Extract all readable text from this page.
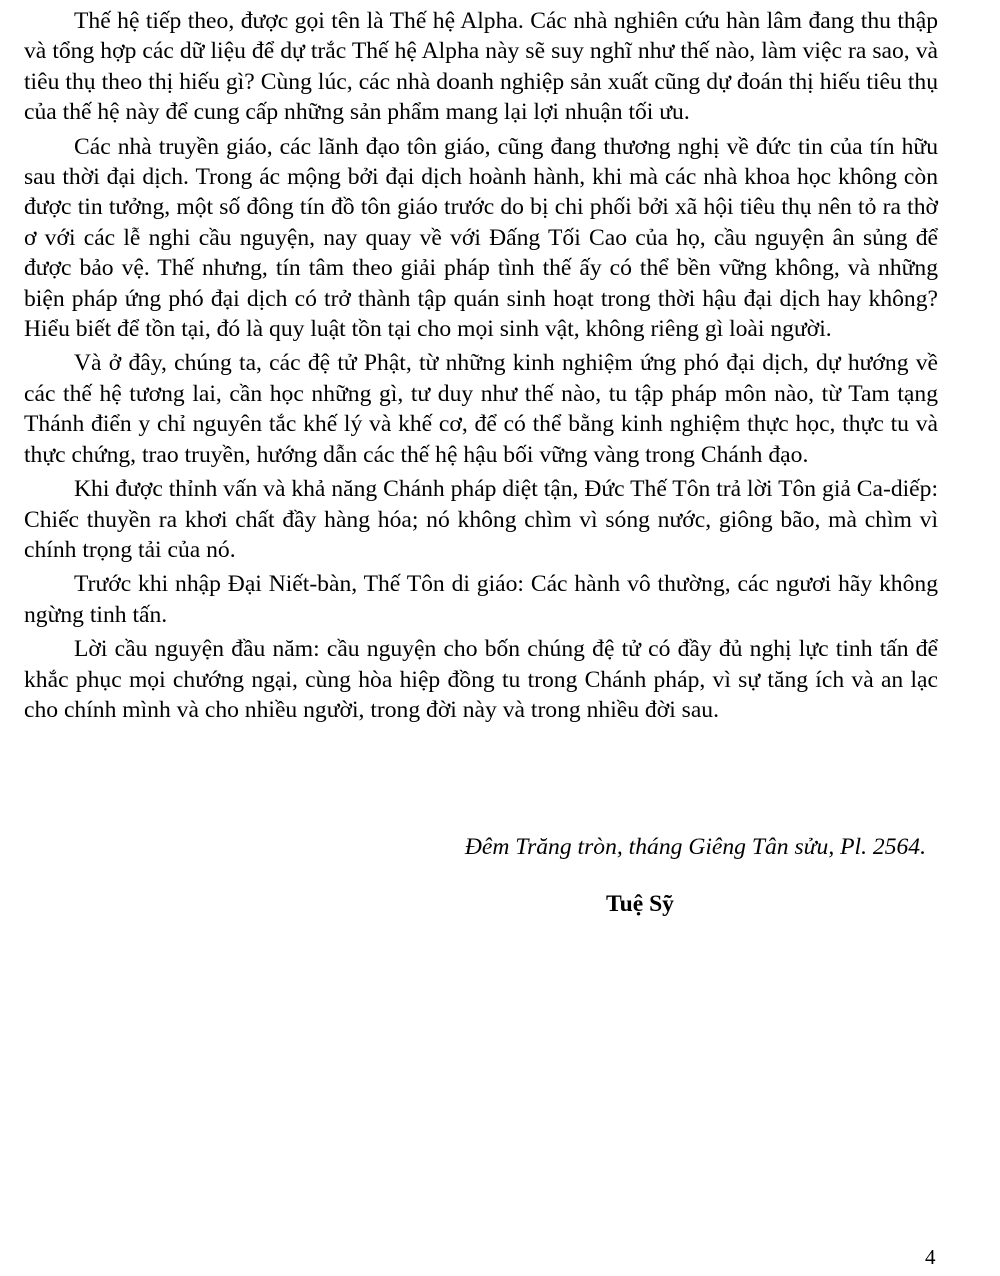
Thế hệ tiếp theo, được gọi tên là Thế hệ Alpha. Các nhà nghiên cứu hàn lâm đang thu thập và tổng hợp các dữ liệu để dự trắc Thế hệ Alpha này sẽ suy nghĩ như thế nào, làm việc ra sao, và tiêu thụ theo thị hiếu gì? Cùng lúc, các nhà doanh nghiệp sản xuất cũng dự đoán thị hiếu tiêu thụ của thế hệ này để cung cấp những sản phẩm mang lại lợi nhuận tối ưu.

Các nhà truyền giáo, các lãnh đạo tôn giáo, cũng đang thương nghị về đức tin của tín hữu sau thời đại dịch. Trong ác mộng bởi đại dịch hoành hành, khi mà các nhà khoa học không còn được tin tưởng, một số đông tín đồ tôn giáo trước do bị chi phối bởi xã hội tiêu thụ nên tỏ ra thờ ơ với các lễ nghi cầu nguyện, nay quay về với Đấng Tối Cao của họ, cầu nguyện ân sủng để được bảo vệ. Thế nhưng, tín tâm theo giải pháp tình thế ấy có thể bền vững không, và những biện pháp ứng phó đại dịch có trở thành tập quán sinh hoạt trong thời hậu đại dịch hay không? Hiểu biết để tồn tại, đó là quy luật tồn tại cho mọi sinh vật, không riêng gì loài người.

Và ở đây, chúng ta, các đệ tử Phật, từ những kinh nghiệm ứng phó đại dịch, dự hướng về các thế hệ tương lai, cần học những gì, tư duy như thế nào, tu tập pháp môn nào, từ Tam tạng Thánh điển y chỉ nguyên tắc khế lý và khế cơ, để có thể bằng kinh nghiệm thực học, thực tu và thực chứng, trao truyền, hướng dẫn các thế hệ hậu bối vững vàng trong Chánh đạo.

Khi được thỉnh vấn và khả năng Chánh pháp diệt tận, Đức Thế Tôn trả lời Tôn giả Ca-diếp: Chiếc thuyền ra khơi chất đầy hàng hóa; nó không chìm vì sóng nước, giông bão, mà chìm vì chính trọng tải của nó.

Trước khi nhập Đại Niết-bàn, Thế Tôn di giáo: Các hành vô thường, các ngươi hãy không ngừng tinh tấn.

Lời cầu nguyện đầu năm: cầu nguyện cho bốn chúng đệ tử có đầy đủ nghị lực tinh tấn để khắc phục mọi chướng ngại, cùng hòa hiệp đồng tu trong Chánh pháp, vì sự tăng ích và an lạc cho chính mình và cho nhiều người, trong đời này và trong nhiều đời sau.

Đêm Trăng tròn, tháng Giêng Tân sửu, Pl. 2564.
Tuệ Sỹ
4
